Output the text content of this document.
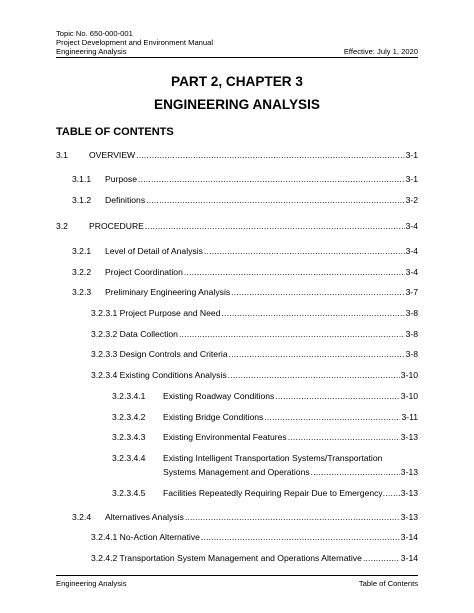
Topic No. 650-000-001
Project Development and Environment Manual
Engineering Analysis	Effective: July 1, 2020
PART 2, CHAPTER 3
ENGINEERING ANALYSIS
TABLE OF CONTENTS
3.1	OVERVIEW .....	3-1
3.1.1	Purpose .....	3-1
3.1.2	Definitions .....	3-2
3.2	PROCEDURE .....	3-4
3.2.1	Level of Detail of Analysis .....	3-4
3.2.2	Project Coordination .....	3-4
3.2.3	Preliminary Engineering Analysis .....	3-7
3.2.3.1 Project Purpose and Need .....	3-8
3.2.3.2 Data Collection .....	3-8
3.2.3.3 Design Controls and Criteria .....	3-8
3.2.3.4 Existing Conditions Analysis .....	3-10
3.2.3.4.1	Existing Roadway Conditions .....	3-10
3.2.3.4.2	Existing Bridge Conditions .....	3-11
3.2.3.4.3	Existing Environmental Features .....	3-13
3.2.3.4.4 Existing Intelligent Transportation Systems/Transportation
Systems Management and Operations .....	3-13
3.2.3.4.5	Facilities Repeatedly Requiring Repair Due to Emergency ..... 3-13
3.2.4	Alternatives Analysis .....	3-13
3.2.4.1 No-Action Alternative .....	3-14
3.2.4.2 Transportation System Management and Operations Alternative .....	3-14
Engineering Analysis	Table of Contents
